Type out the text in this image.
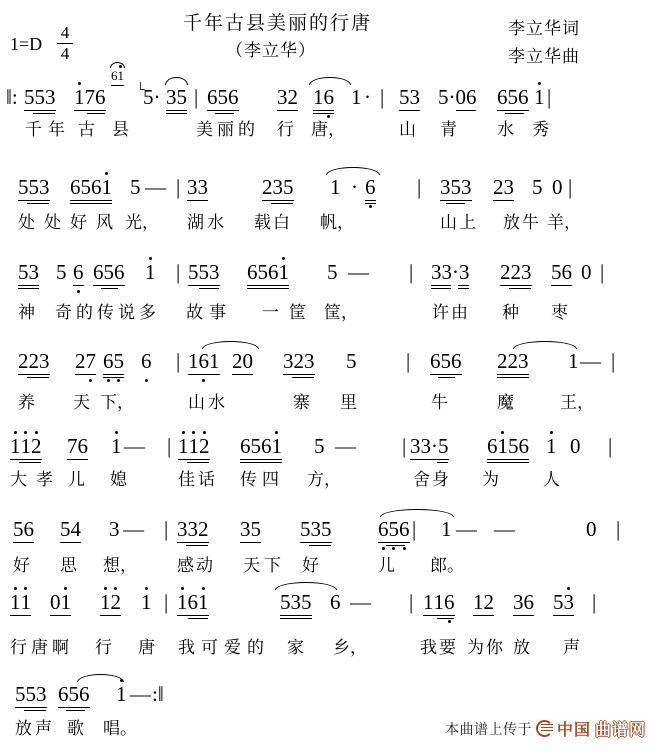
1=D
4
4
千年古县美丽的行唐
（李立华）
李立华词
李立华曲
‖: 553 176
61
└
5· 35 | 656 32 16 1 · | 53 5·06 656 1 |
千年 古 县	美丽的 行 唐，	山 青 水 秀
553 6561 5 — | 33	235 1 · 6 | 353 23 5 0 |
处处好风 光， 湖水 载白 帆，	山上 放牛 羊，
53 5 6 656 1 | 553 6561 5 — | 33·3 223 56 0 |
神 奇的传说多 故事 一筐 筐，	许由 种 枣
223 27 65 6 | 161 20 323 5 | 656 223 1 — |
养 天 下，	山水	寨 里	牛	魔	王，
112 76 1 — | 112 6561 5 — | 33·5 6156 1 0 |
大孝 儿 媳	佳话 传四 方，	舍身 为	人
56 54 3 — | 332 35 535 656 | 1 — —	0 |
好 思 想， 感动 天下 好	儿 郎。
11 01 12 1 | 161	535 6 — | 116 12 36 53 |
行唐啊 行 唐 我可爱的 家 乡，	我要 为你 放 声
553 656 1 — :‖
放声 歌 唱。	本曲谱上传于 中国 曲谱网
